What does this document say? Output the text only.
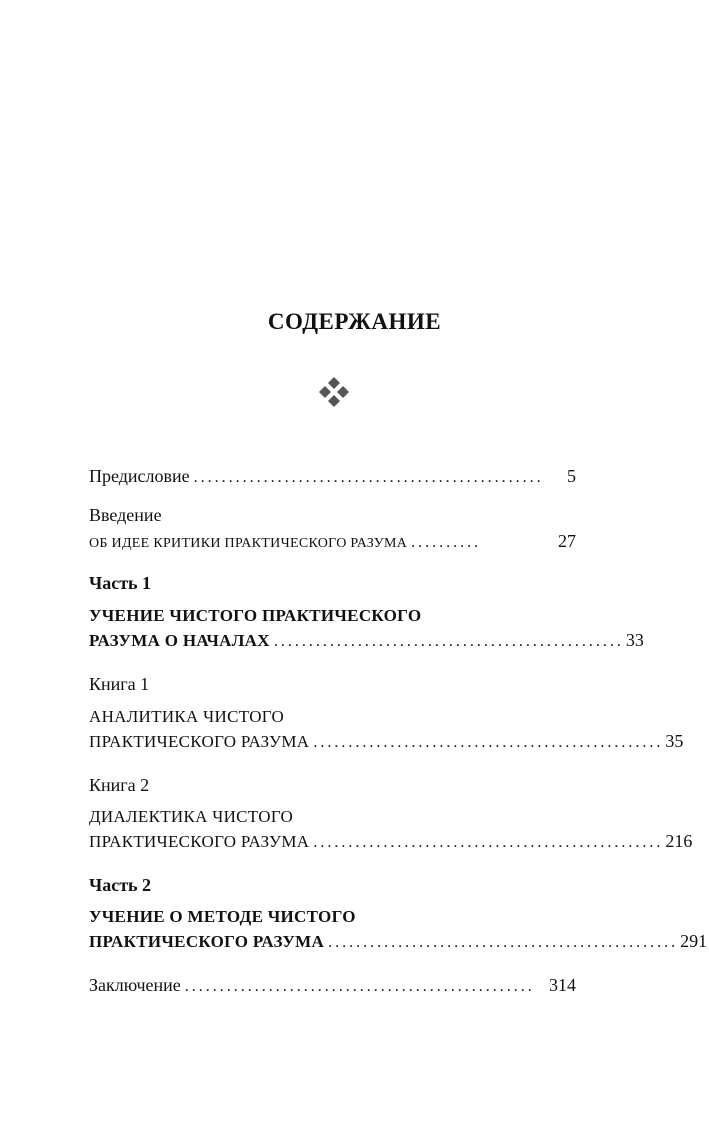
СОДЕРЖАНИЕ
Предисловие ..................................................	5
Введение
ОБ ИДЕЕ КРИТИКИ ПРАКТИЧЕСКОГО РАЗУМА ..........	27
Часть 1
УЧЕНИЕ ЧИСТОГО ПРАКТИЧЕСКОГО
РАЗУМА О НАЧАЛАХ .................................................. 33
Книга 1
АНАЛИТИКА ЧИСТОГО
ПРАКТИЧЕСКОГО РАЗУМА .................................................. 35
Книга 2
ДИАЛЕКТИКА ЧИСТОГО
ПРАКТИЧЕСКОГО РАЗУМА .................................................. 216
Часть 2
УЧЕНИЕ О МЕТОДЕ ЧИСТОГО
ПРАКТИЧЕСКОГО РАЗУМА .................................................. 291
Заключение .................................................. 314
